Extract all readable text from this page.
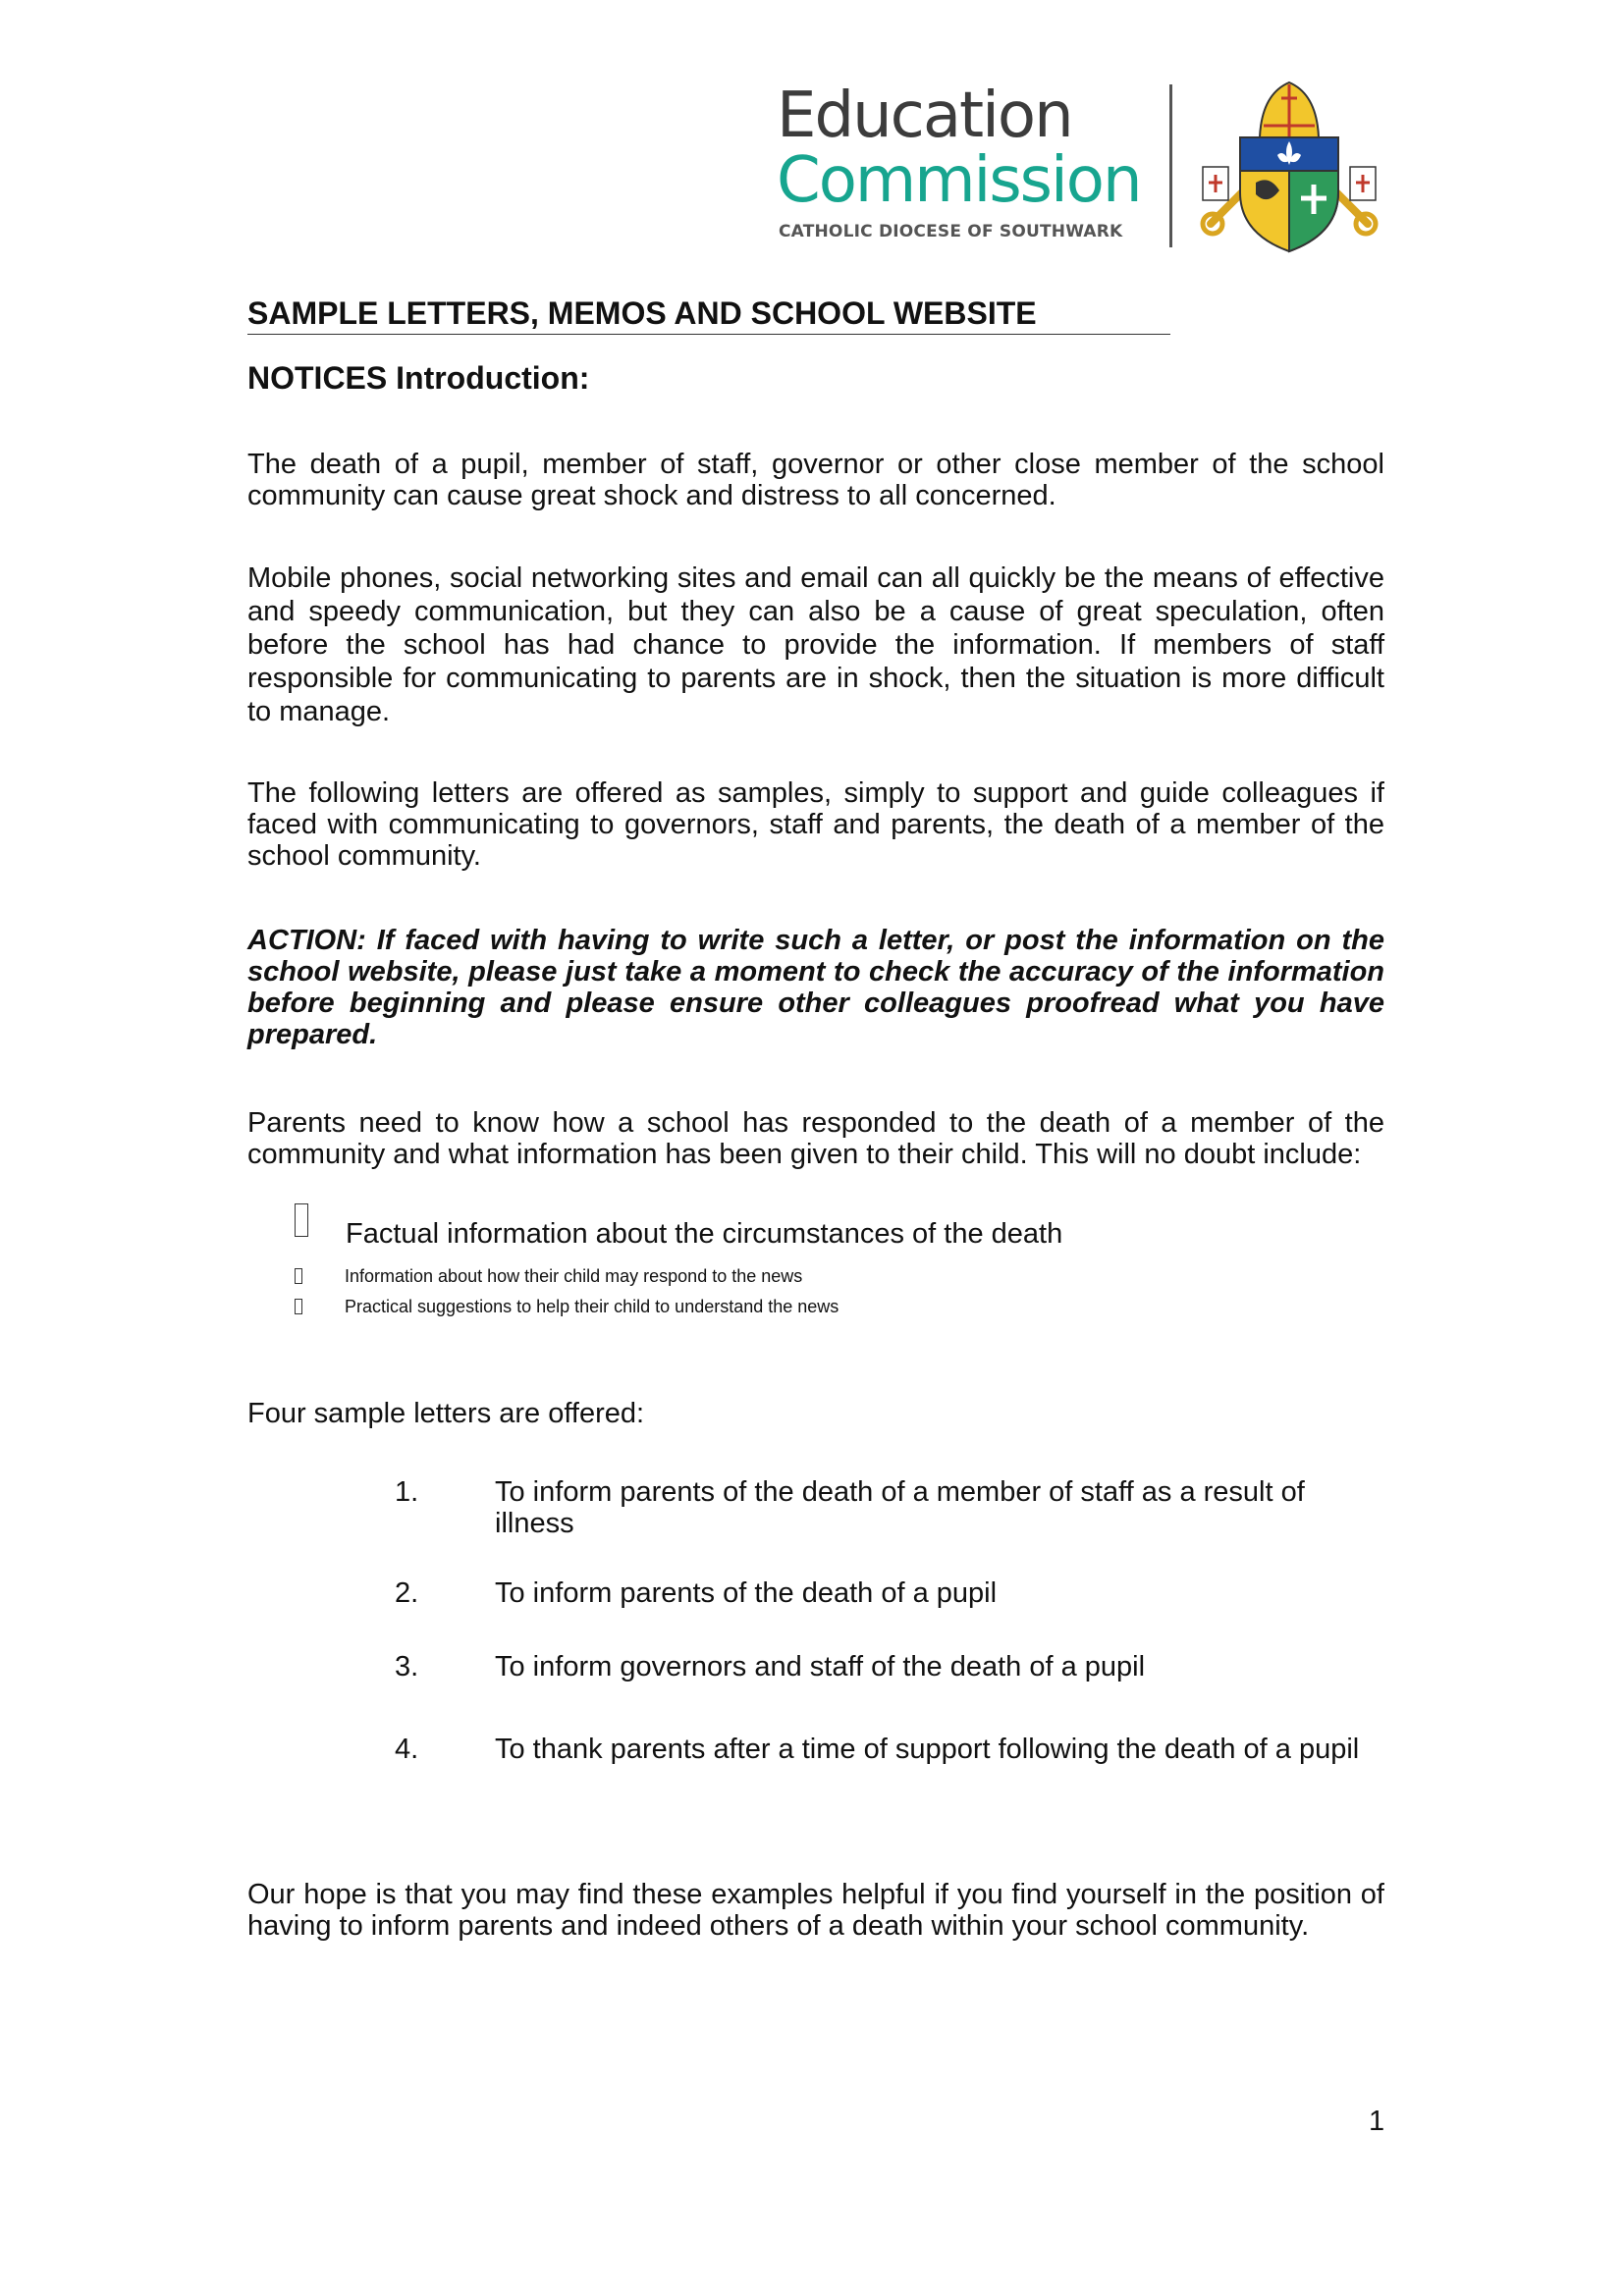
Education
Commission
CATHOLIC DIOCESE OF SOUTHWARK
SAMPLE LETTERS, MEMOS AND SCHOOL WEBSITE
NOTICES Introduction:

The death of a pupil, member of staff, governor or other close member of the school community can cause great shock and distress to all concerned.

Mobile phones, social networking sites and email can all quickly be the means of effective and speedy communication, but they can also be a cause of great speculation, often before the school has had chance to provide the information. If members of staff responsible for communicating to parents are in shock, then the situation is more difficult to manage.

The following letters are offered as samples, simply to support and guide colleagues if faced with communicating to governors, staff and parents, the death of a member of the school community.

ACTION: If faced with having to write such a letter, or post the information on the school website, please just take a moment to check the accuracy of the information before beginning and please ensure other colleagues proofread what you have prepared.

Parents need to know how a school has responded to the death of a member of the community and what information has been given to their child. This will no doubt include:

Factual information about the circumstances of the death
Information about how their child may respond to the news
Practical suggestions to help their child to understand the news

Four sample letters are offered:

1.	To inform parents of the death of a member of staff as a result of illness
2.	To inform parents of the death of a pupil
3.	To inform governors and staff of the death of a pupil
4.	To thank parents after a time of support following the death of a pupil

Our hope is that you may find these examples helpful if you find yourself in the position of having to inform parents and indeed others of a death within your school community.

1
